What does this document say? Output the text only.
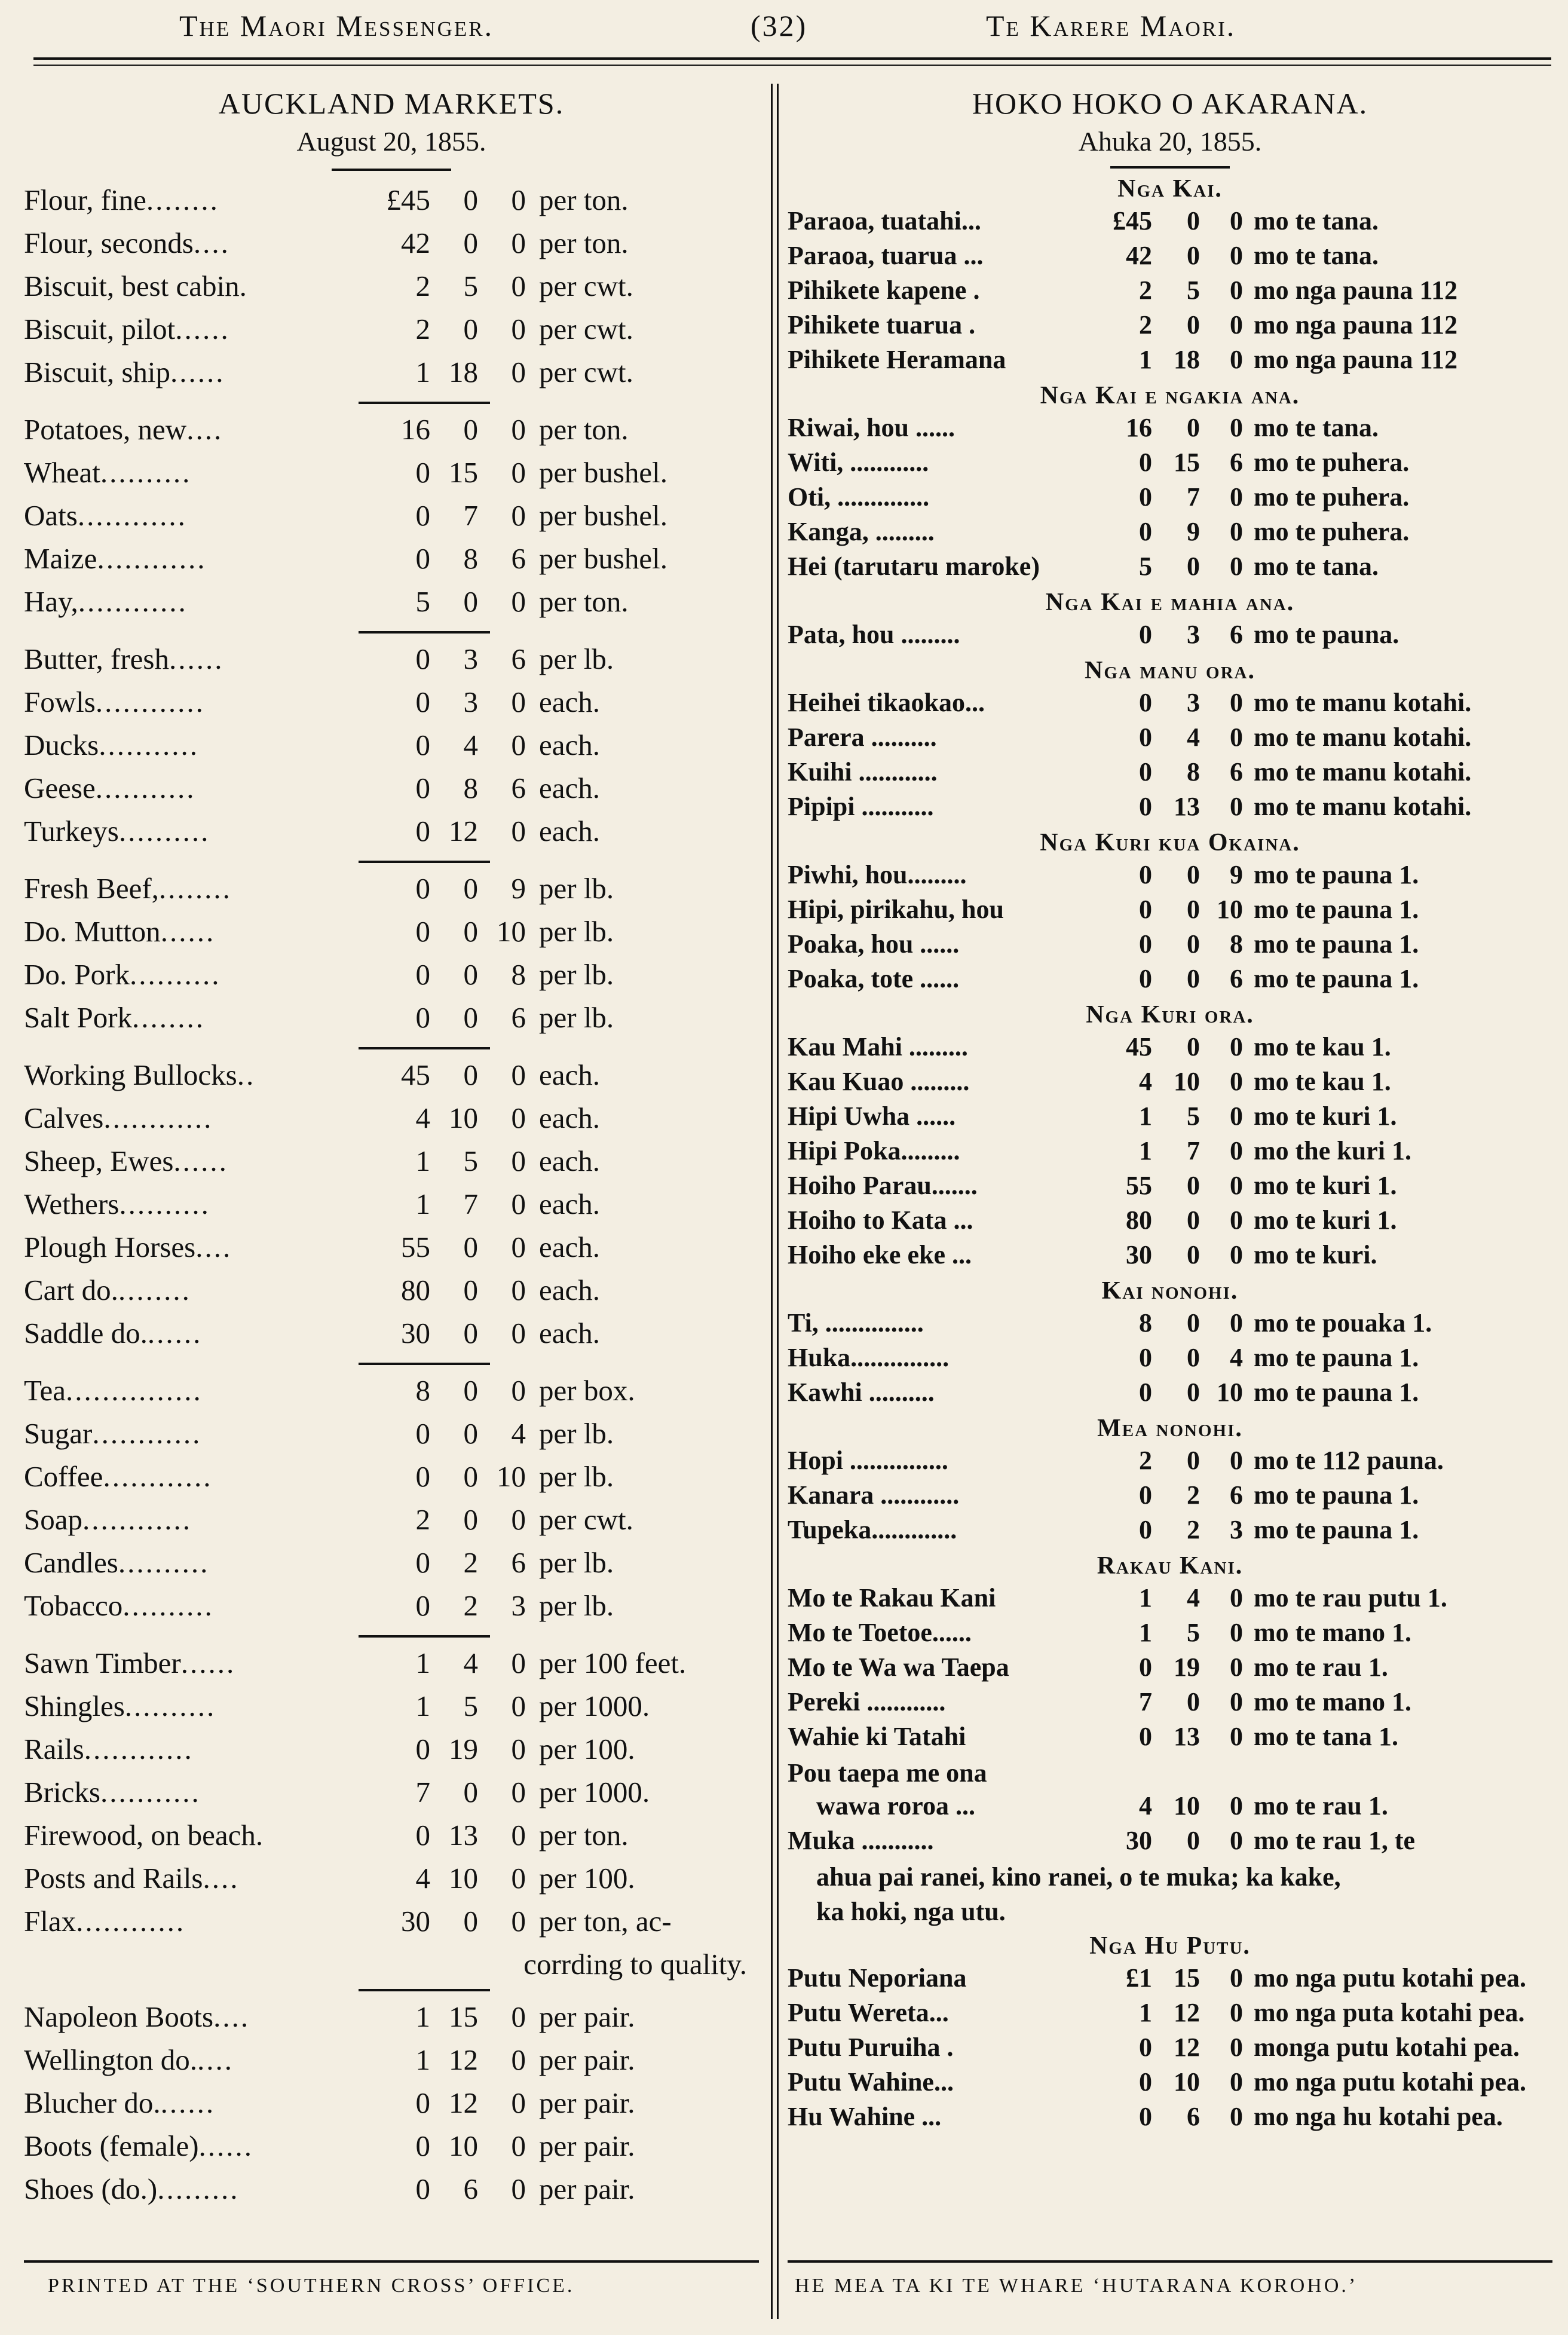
The Maori Messenger.	(32)	Te Karere Maori.
AUCKLAND MARKETS.
August 20, 1855.
Flour, fine ........	£45	0	0 per ton.
Flour, seconds ....	42	0	0 per ton.
Biscuit, best cabin .	2	5	0 per cwt.
Biscuit, pilot ......	2	0	0 per cwt.
Biscuit, ship ......	1 18	0 per cwt.
Potatoes, new ....	16	0	0 per ton.
Wheat ..........	0 15	0 per bushel.
Oats ............	0	7	0 per bushel.
Maize ............	0	8	6 per bushel.
Hay, ............	5	0	0 per ton.
Butter, fresh ......	0	3	6 per lb.
Fowls ............	0	3	0 each.
Ducks ...........	0	4	0 each.
Geese ...........	0	8	6 each.
Turkeys ..........	0 12	0 each.
Fresh Beef, ........	0	0	9 per lb.
Do. Mutton ......	0	0 10 per lb.
Do. Pork ..........	0	0	8 per lb.
Salt Pork ........	0	0	6 per lb.
Working Bullocks ..	45	0	0 each.
Calves ............	4 10	0 each.
Sheep, Ewes ......	1	5	0 each.
Wethers ..........	1	7	0 each.
Plough Horses ....	55	0	0 each.
Cart do. ........	80	0	0 each.
Saddle do. ......	30	0	0 each.
Tea ...............	8	0	0 per box.
Sugar ............	0	0	4 per lb.
Coffee ............	0	0 10 per lb.
Soap ............	2	0	0 per cwt.
Candles ..........	0	2	6 per lb.
Tobacco ..........	0	2	3 per lb.
Sawn Timber ......	1	4	0 per 100 feet.
Shingles ..........	1	5	0 per 1000.
Rails ............	0 19	0 per 100.
Bricks ...........	7	0	0 per 1000.
Firewood, on beach.	0 13	0 per ton.
Posts and Rails ....	4 10	0 per 100.
Flax ............	30	0	0 per ton, ac-
corrding to quality.
Napoleon Boots ....	1 15	0 per pair.
Wellington do. ....	1 12	0 per pair.
Blucher do. ......	0 12	0 per pair.
Boots (female) ......	0 10	0 per pair.
Shoes (do.) .........	0	6	0 per pair.
PRINTED AT THE ‘SOUTHERN CROSS’ OFFICE.
HOKO HOKO O AKARANA.
Ahuka 20, 1855.
Nga Kai.
Paraoa, tuatahi...	£45	0	0 mo te tana.
Paraoa, tuarua ...	42	0	0 mo te tana.
Pihikete kapene .	2	5	0 mo nga pauna 112
Pihikete tuarua .	2	0	0 mo nga pauna 112
Pihikete Heramana	1 18	0 mo nga pauna 112
Nga Kai e ngakia ana.
Riwai, hou ......	16	0	0 mo te tana.
Witi, ............	0 15	6 mo te puhera.
Oti, ..............	0	7	0 mo te puhera.
Kanga, .........	0	9	0 mo te puhera.
Hei (tarutaru maroke)	5	0	0 mo te tana.
Nga Kai e mahia ana.
Pata, hou .........	0	3	6 mo te pauna.
Nga manu ora.
Heihei tikaokao...	0	3	0 mo te manu kotahi.
Parera ..........	0	4	0 mo te manu kotahi.
Kuihi ............	0	8	6 mo te manu kotahi.
Pipipi ...........	0 13	0 mo te manu kotahi.
Nga Kuri kua Okaina.
Piwhi, hou.........	0	0	9 mo te pauna 1.
Hipi, pirikahu, hou	0	0 10 mo te pauna 1.
Poaka, hou ......	0	0	8 mo te pauna 1.
Poaka, tote ......	0	0	6 mo te pauna 1.
Nga Kuri ora.
Kau Mahi .........	45	0	0 mo te kau 1.
Kau Kuao .........	4 10	0 mo te kau 1.
Hipi Uwha ......	1	5	0 mo te kuri 1.
Hipi Poka.........	1	7	0 mo the kuri 1.
Hoiho Parau.......	55	0	0 mo te kuri 1.
Hoiho to Kata ...	80	0	0 mo te kuri 1.
Hoiho eke eke ...	30	0	0 mo te kuri.
Kai nonohi.
Ti, ...............	8	0	0 mo te pouaka 1.
Huka...............	0	0	4 mo te pauna 1.
Kawhi ..........	0	0 10 mo te pauna 1.
Mea nonohi.
Hopi ...............	2	0	0 mo te 112 pauna.
Kanara ............	0	2	6 mo te pauna 1.
Tupeka.............	0	2	3 mo te pauna 1.
Rakau Kani.
Mo te Rakau Kani	1	4	0 mo te rau putu 1.
Mo te Toetoe......	1	5	0 mo te mano 1.
Mo te Wa wa Taepa	0 19	0 mo te rau 1.
Pereki ............	7	0	0 mo te mano 1.
Wahie ki Tatahi	0 13	0 mo te tana 1.
Pou taepa me ona
wawa roroa ...	4 10	0 mo te rau 1.
Muka ...........	30	0	0 mo te rau 1, te
ahua pai ranei, kino ranei, o te muka; ka kake,
ka hoki, nga utu.
Nga Hu Putu.
Putu Neporiana	£1 15	0 mo nga putu kotahi pea.
Putu Wereta...	1 12	0 mo nga puta kotahi pea.
Putu Puruiha .	0 12	0 monga putu kotahi pea.
Putu Wahine...	0 10	0 mo nga putu kotahi pea.
Hu Wahine ...	0	6	0 mo nga hu kotahi pea.
HE MEA TA KI TE WHARE ‘HUTARANA KOROHO.’
